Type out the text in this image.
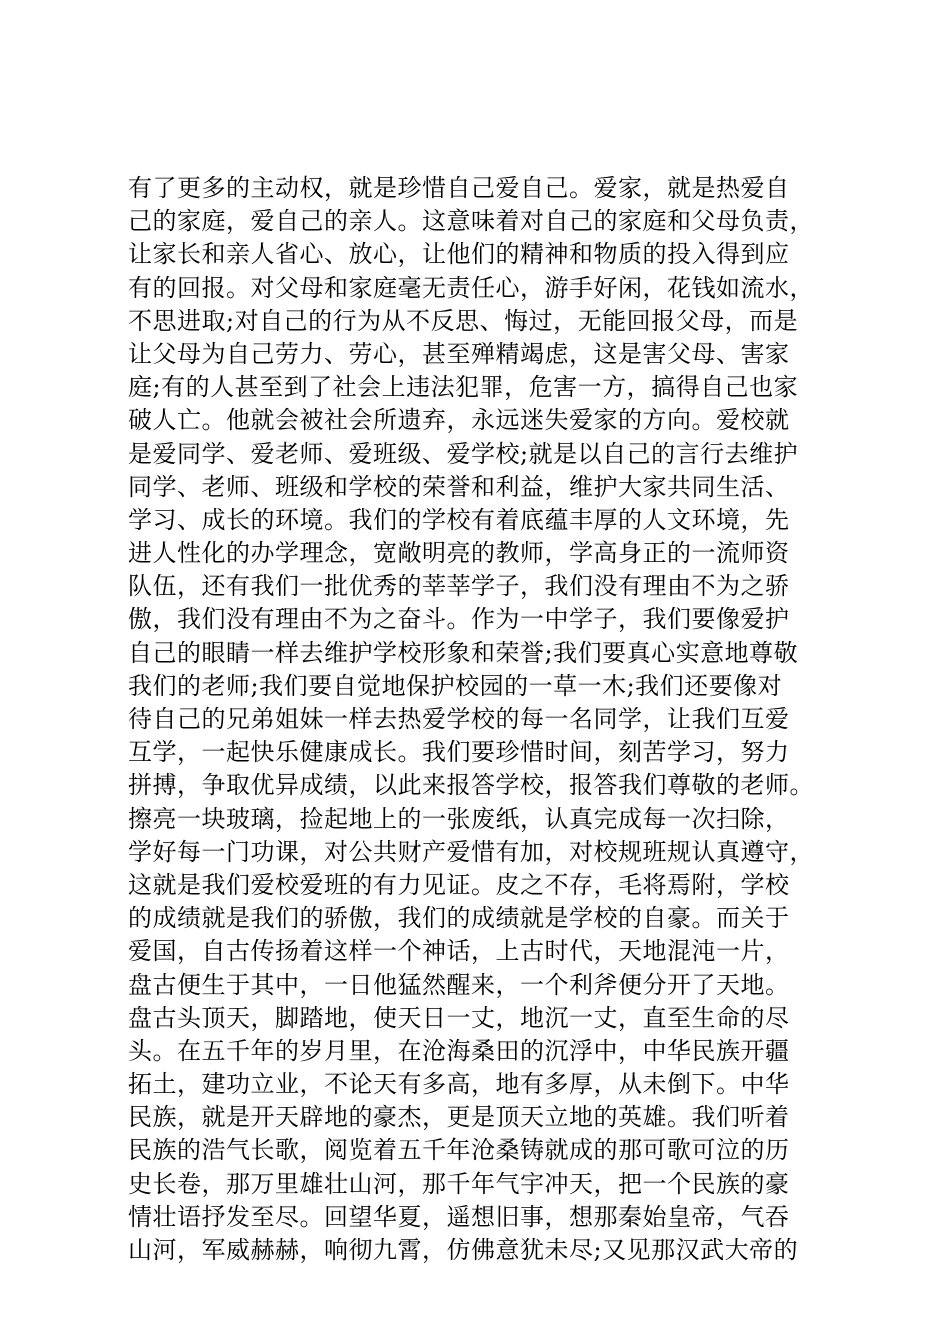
有了更多的主动权，就是珍惜自己爱自己。爱家，就是热爱自
己的家庭，爱自己的亲人。这意味着对自己的家庭和父母负责，
让家长和亲人省心、放心，让他们的精神和物质的投入得到应
有的回报。对父母和家庭毫无责任心，游手好闲，花钱如流水，
不思进取;对自己的行为从不反思、悔过，无能回报父母，而是
让父母为自己劳力、劳心，甚至殚精竭虑，这是害父母、害家
庭;有的人甚至到了社会上违法犯罪，危害一方，搞得自己也家
破人亡。他就会被社会所遗弃，永远迷失爱家的方向。爱校就
是爱同学、爱老师、爱班级、爱学校;就是以自己的言行去维护
同学、老师、班级和学校的荣誉和利益，维护大家共同生活、
学习、成长的环境。我们的学校有着底蕴丰厚的人文环境，先
进人性化的办学理念，宽敞明亮的教师，学高身正的一流师资
队伍，还有我们一批优秀的莘莘学子，我们没有理由不为之骄
傲，我们没有理由不为之奋斗。作为一中学子，我们要像爱护
自己的眼睛一样去维护学校形象和荣誉;我们要真心实意地尊敬
我们的老师;我们要自觉地保护校园的一草一木;我们还要像对
待自己的兄弟姐妹一样去热爱学校的每一名同学，让我们互爱
互学，一起快乐健康成长。我们要珍惜时间，刻苦学习，努力
拼搏，争取优异成绩，以此来报答学校，报答我们尊敬的老师。
擦亮一块玻璃，捡起地上的一张废纸，认真完成每一次扫除，
学好每一门功课，对公共财产爱惜有加，对校规班规认真遵守，
这就是我们爱校爱班的有力见证。皮之不存，毛将焉附，学校
的成绩就是我们的骄傲，我们的成绩就是学校的自豪。而关于
爱国，自古传扬着这样一个神话，上古时代，天地混沌一片，
盘古便生于其中，一日他猛然醒来，一个利斧便分开了天地。
盘古头顶天，脚踏地，使天日一丈，地沉一丈，直至生命的尽
头。在五千年的岁月里，在沧海桑田的沉浮中，中华民族开疆
拓土，建功立业，不论天有多高，地有多厚，从未倒下。中华
民族，就是开天辟地的豪杰，更是顶天立地的英雄。我们听着
民族的浩气长歌，阅览着五千年沧桑铸就成的那可歌可泣的历
史长卷，那万里雄壮山河，那千年气宇冲天，把一个民族的豪
情壮语抒发至尽。回望华夏，遥想旧事，想那秦始皇帝，气吞
山河，军威赫赫，响彻九霄，仿佛意犹未尽;又见那汉武大帝的
